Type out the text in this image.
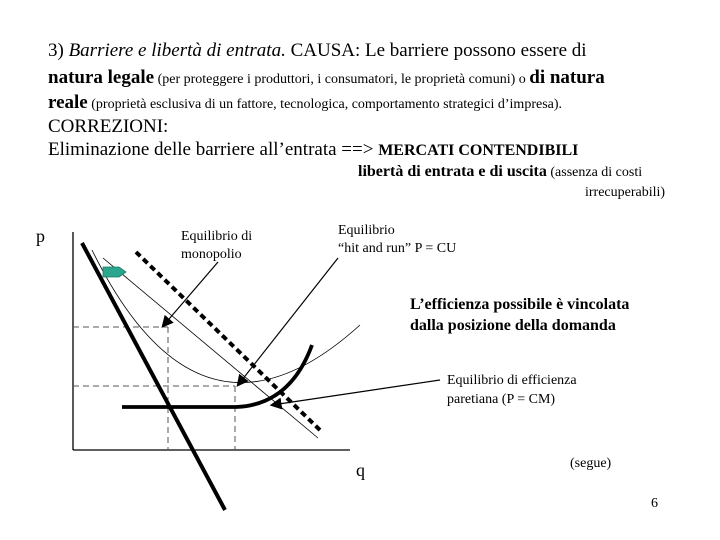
3) Barriere e libertà di entrata. CAUSA: Le barriere possono essere di
natura legale (per proteggere i produttori, i consumatori, le proprietà comuni) o di natura
reale (proprietà esclusiva di un fattore, tecnologica, comportamento strategici d’impresa).
CORREZIONI:
Eliminazione delle barriere all’entrata ==> MERCATI CONTENDIBILI
libertà di entrata e di uscita (assenza di costi
irrecuperabili)
p
q
Equilibrio di
monopolio
Equilibrio
“hit and run” P = CU
L’efficienza possibile è vincolata
dalla posizione della domanda
Equilibrio di efficienza
paretiana (P = CM)
(segue)
6
